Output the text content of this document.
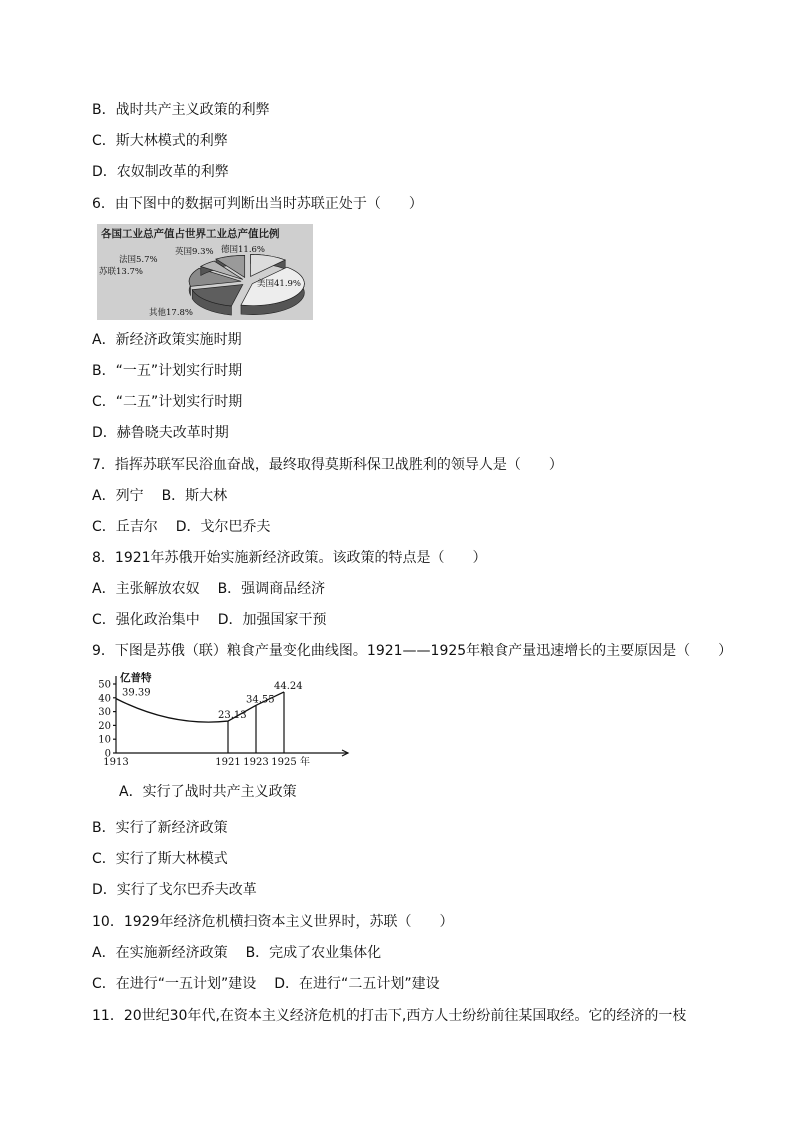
B．战时共产主义政策的利弊
C．斯大林模式的利弊
D．农奴制改革的利弊
6．由下图中的数据可判断出当时苏联正处于（　　）
各国工业总产值占世界工业总产值比例
英国9.3% 德国11.6%
美国41.9%
其他17.8%
苏联13.7%
法国5.7%
A．新经济政策实施时期
B．“一五”计划实行时期
C．“二五”计划实行时期
D．赫鲁晓夫改革时期
7．指挥苏联军民浴血奋战，最终取得莫斯科保卫战胜利的领导人是（　　）
A．列宁 B．斯大林
C．丘吉尔 D．戈尔巴乔夫
8．1921年苏俄开始实施新经济政策。该政策的特点是（　　）
A．主张解放农奴 B．强调商品经济
C．强化政治集中 D．加强国家干预
9．下图是苏俄（联）粮食产量变化曲线图。1921——1925年粮食产量迅速增长的主要原因是（　　）
0
10
20
30
40
50
亿普特
39.39
1913
23.13
1921
34.55
1923
44.24
1925 年
A．实行了战时共产主义政策
B．实行了新经济政策
C．实行了斯大林模式
D．实行了戈尔巴乔夫改革
10．1929年经济危机横扫资本主义世界时，苏联（　　）
A．在实施新经济政策 B．完成了农业集体化
C．在进行“一五计划”建设 D．在进行“二五计划”建设
11．20世纪30年代,在资本主义经济危机的打击下,西方人士纷纷前往某国取经。它的经济的一枝
